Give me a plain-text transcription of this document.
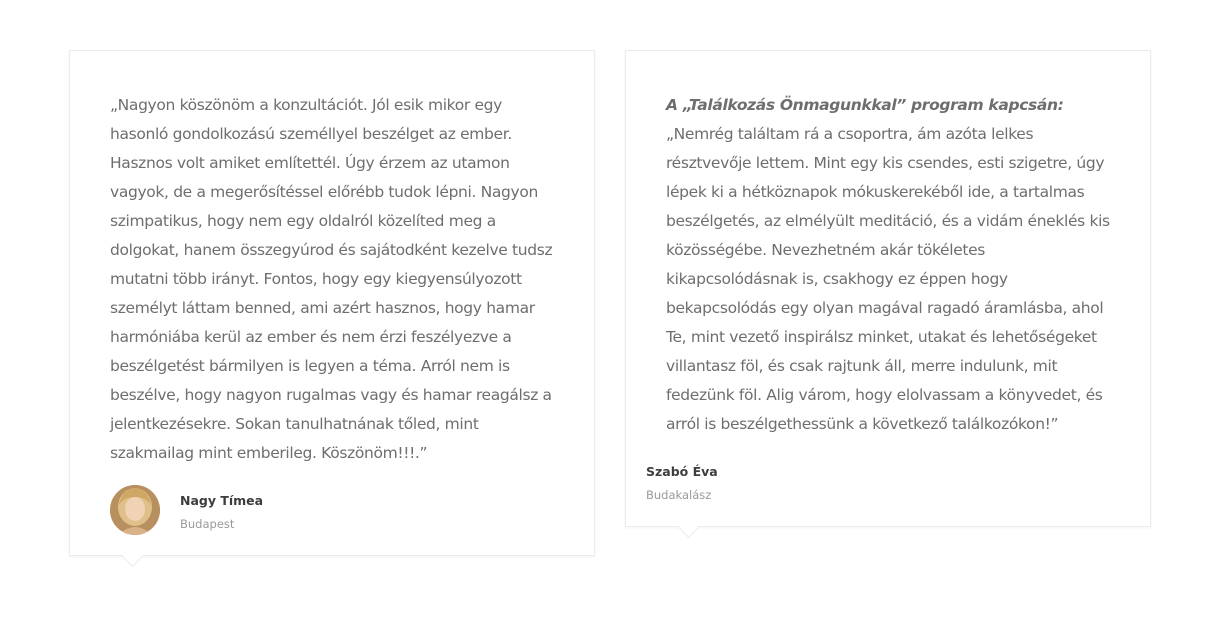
„Nagyon köszönöm a konzultációt. Jól esik mikor egy hasonló gondolkozású személlyel beszélget az ember. Hasznos volt amiket említettél. Úgy érzem az utamon vagyok, de a megerősítéssel előrébb tudok lépni. Nagyon szimpatikus, hogy nem egy oldalról közelíted meg a dolgokat, hanem összegyúrod és sajátodként kezelve tudsz mutatni több irányt. Fontos, hogy egy kiegyensúlyozott személyt láttam benned, ami azért hasznos, hogy hamar harmóniába kerül az ember és nem érzi feszélyezve a beszélgetést bármilyen is legyen a téma. Arról nem is beszélve, hogy nagyon rugalmas vagy és hamar reagálsz a jelentkezésekre. Sokan tanulhatnának tőled, mint szakmailag mint emberileg. Köszönöm!!!.”

Nagy Tímea
Budapest

A „Találkozás Önmagunkkal” program kapcsán: „Nemrég találtam rá a csoportra, ám azóta lelkes résztvevője lettem. Mint egy kis csendes, esti szigetre, úgy lépek ki a hétköznapok mókuskerekéből ide, a tartalmas beszélgetés, az elmélyült meditáció, és a vidám éneklés kis közösségébe. Nevezhetném akár tökéletes kikapcsolódásnak is, csakhogy ez éppen hogy bekapcsolódás egy olyan magával ragadó áramlásba, ahol Te, mint vezető inspirálsz minket, utakat és lehetőségeket villantasz föl, és csak rajtunk áll, merre indulunk, mit fedezünk föl. Alig várom, hogy elolvassam a könyvedet, és arról is beszélgethessünk a következő találkozókon!”

Szabó Éva
Budakalász
